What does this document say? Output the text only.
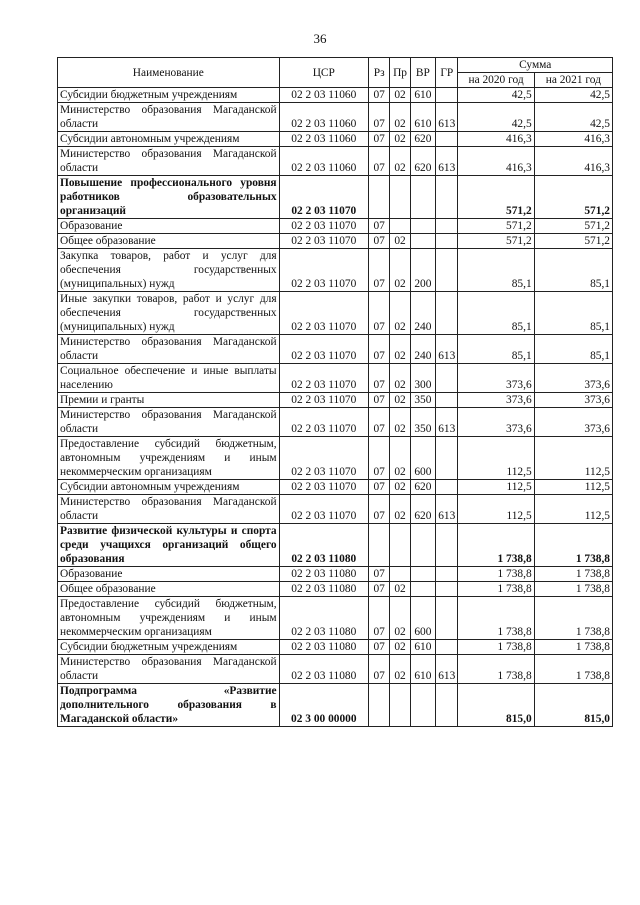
36
Наименование	ЦСР	Рз	Пр	ВР	ГР	Сумма	
						на 2020 год	на 2021 год
Субсидии бюджетным учреждениям	02 2 03 11060	07	02	610		42,5	42,5
Министерство образования Магаданской области	02 2 03 11060	07	02	610	613	42,5	42,5
Субсидии автономным учреждениям	02 2 03 11060	07	02	620		416,3	416,3
Министерство образования Магаданской области	02 2 03 11060	07	02	620	613	416,3	416,3
Повышение профессионального уровня работников образовательных организаций	02 2 03 11070					571,2	571,2
Образование	02 2 03 11070	07				571,2	571,2
Общее образование	02 2 03 11070	07	02			571,2	571,2
Закупка товаров, работ и услуг для обеспечения государственных (муниципальных) нужд	02 2 03 11070	07	02	200		85,1	85,1
Иные закупки товаров, работ и услуг для обеспечения государственных (муниципальных) нужд	02 2 03 11070	07	02	240		85,1	85,1
Министерство образования Магаданской области	02 2 03 11070	07	02	240	613	85,1	85,1
Социальное обеспечение и иные выплаты населению	02 2 03 11070	07	02	300		373,6	373,6
Премии и гранты	02 2 03 11070	07	02	350		373,6	373,6
Министерство образования Магаданской области	02 2 03 11070	07	02	350	613	373,6	373,6
Предоставление субсидий бюджетным, автономным учреждениям и иным некоммерческим организациям	02 2 03 11070	07	02	600		112,5	112,5
Субсидии автономным учреждениям	02 2 03 11070	07	02	620		112,5	112,5
Министерство образования Магаданской области	02 2 03 11070	07	02	620	613	112,5	112,5
Развитие физической культуры и спорта среди учащихся организаций общего образования	02 2 03 11080					1 738,8	1 738,8
Образование	02 2 03 11080	07				1 738,8	1 738,8
Общее образование	02 2 03 11080	07	02			1 738,8	1 738,8
Предоставление субсидий бюджетным, автономным учреждениям и иным некоммерческим организациям	02 2 03 11080	07	02	600		1 738,8	1 738,8
Субсидии бюджетным учреждениям	02 2 03 11080	07	02	610		1 738,8	1 738,8
Министерство образования Магаданской области	02 2 03 11080	07	02	610	613	1 738,8	1 738,8
Подпрограмма «Развитие дополнительного образования в Магаданской области»	02 3 00 00000					815,0	815,0
